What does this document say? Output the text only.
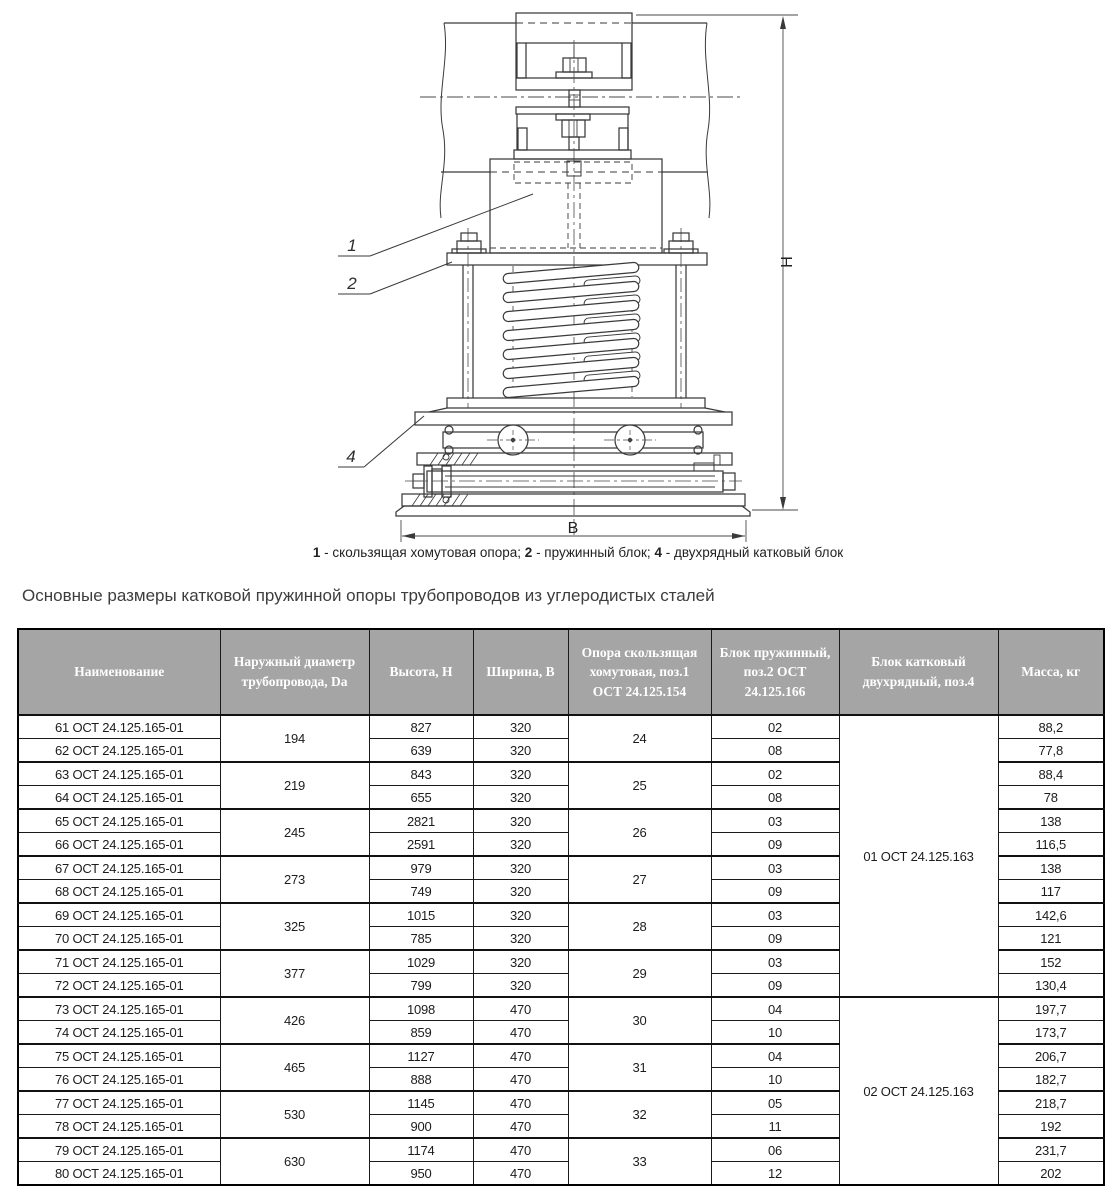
Н
В
1
2
4
1 - скользящая хомутовая опора; 2 - пружинный блок; 4 - двухрядный катковый блок
Основные размеры катковой пружинной опоры трубопроводов из углеродистых сталей
Наименование	Наружный диаметр трубопровода, Da	Высота, Н	Ширина, В	Опора скользящая хомутовая, поз.1 ОСТ 24.125.154	Блок пружинный, поз.2 ОСТ 24.125.166	Блок катковый двухрядный, поз.4	Масса, кг
61 ОСТ 24.125.165-01	194	827	320	24	02	01 ОСТ 24.125.163	88,2
62 ОСТ 24.125.165-01		639	320		08		77,8
63 ОСТ 24.125.165-01	219	843	320	25	02		88,4
64 ОСТ 24.125.165-01		655	320		08		78
65 ОСТ 24.125.165-01	245	2821	320	26	03		138
66 ОСТ 24.125.165-01		2591	320		09		116,5
67 ОСТ 24.125.165-01	273	979	320	27	03		138
68 ОСТ 24.125.165-01		749	320		09		117
69 ОСТ 24.125.165-01	325	1015	320	28	03		142,6
70 ОСТ 24.125.165-01		785	320		09		121
71 ОСТ 24.125.165-01	377	1029	320	29	03		152
72 ОСТ 24.125.165-01		799	320		09		130,4
73 ОСТ 24.125.165-01	426	1098	470	30	04	02 ОСТ 24.125.163	197,7
74 ОСТ 24.125.165-01		859	470		10		173,7
75 ОСТ 24.125.165-01	465	1127	470	31	04		206,7
76 ОСТ 24.125.165-01		888	470		10		182,7
77 ОСТ 24.125.165-01	530	1145	470	32	05		218,7
78 ОСТ 24.125.165-01		900	470		11		192
79 ОСТ 24.125.165-01	630	1174	470	33	06		231,7
80 ОСТ 24.125.165-01		950	470		12		202
